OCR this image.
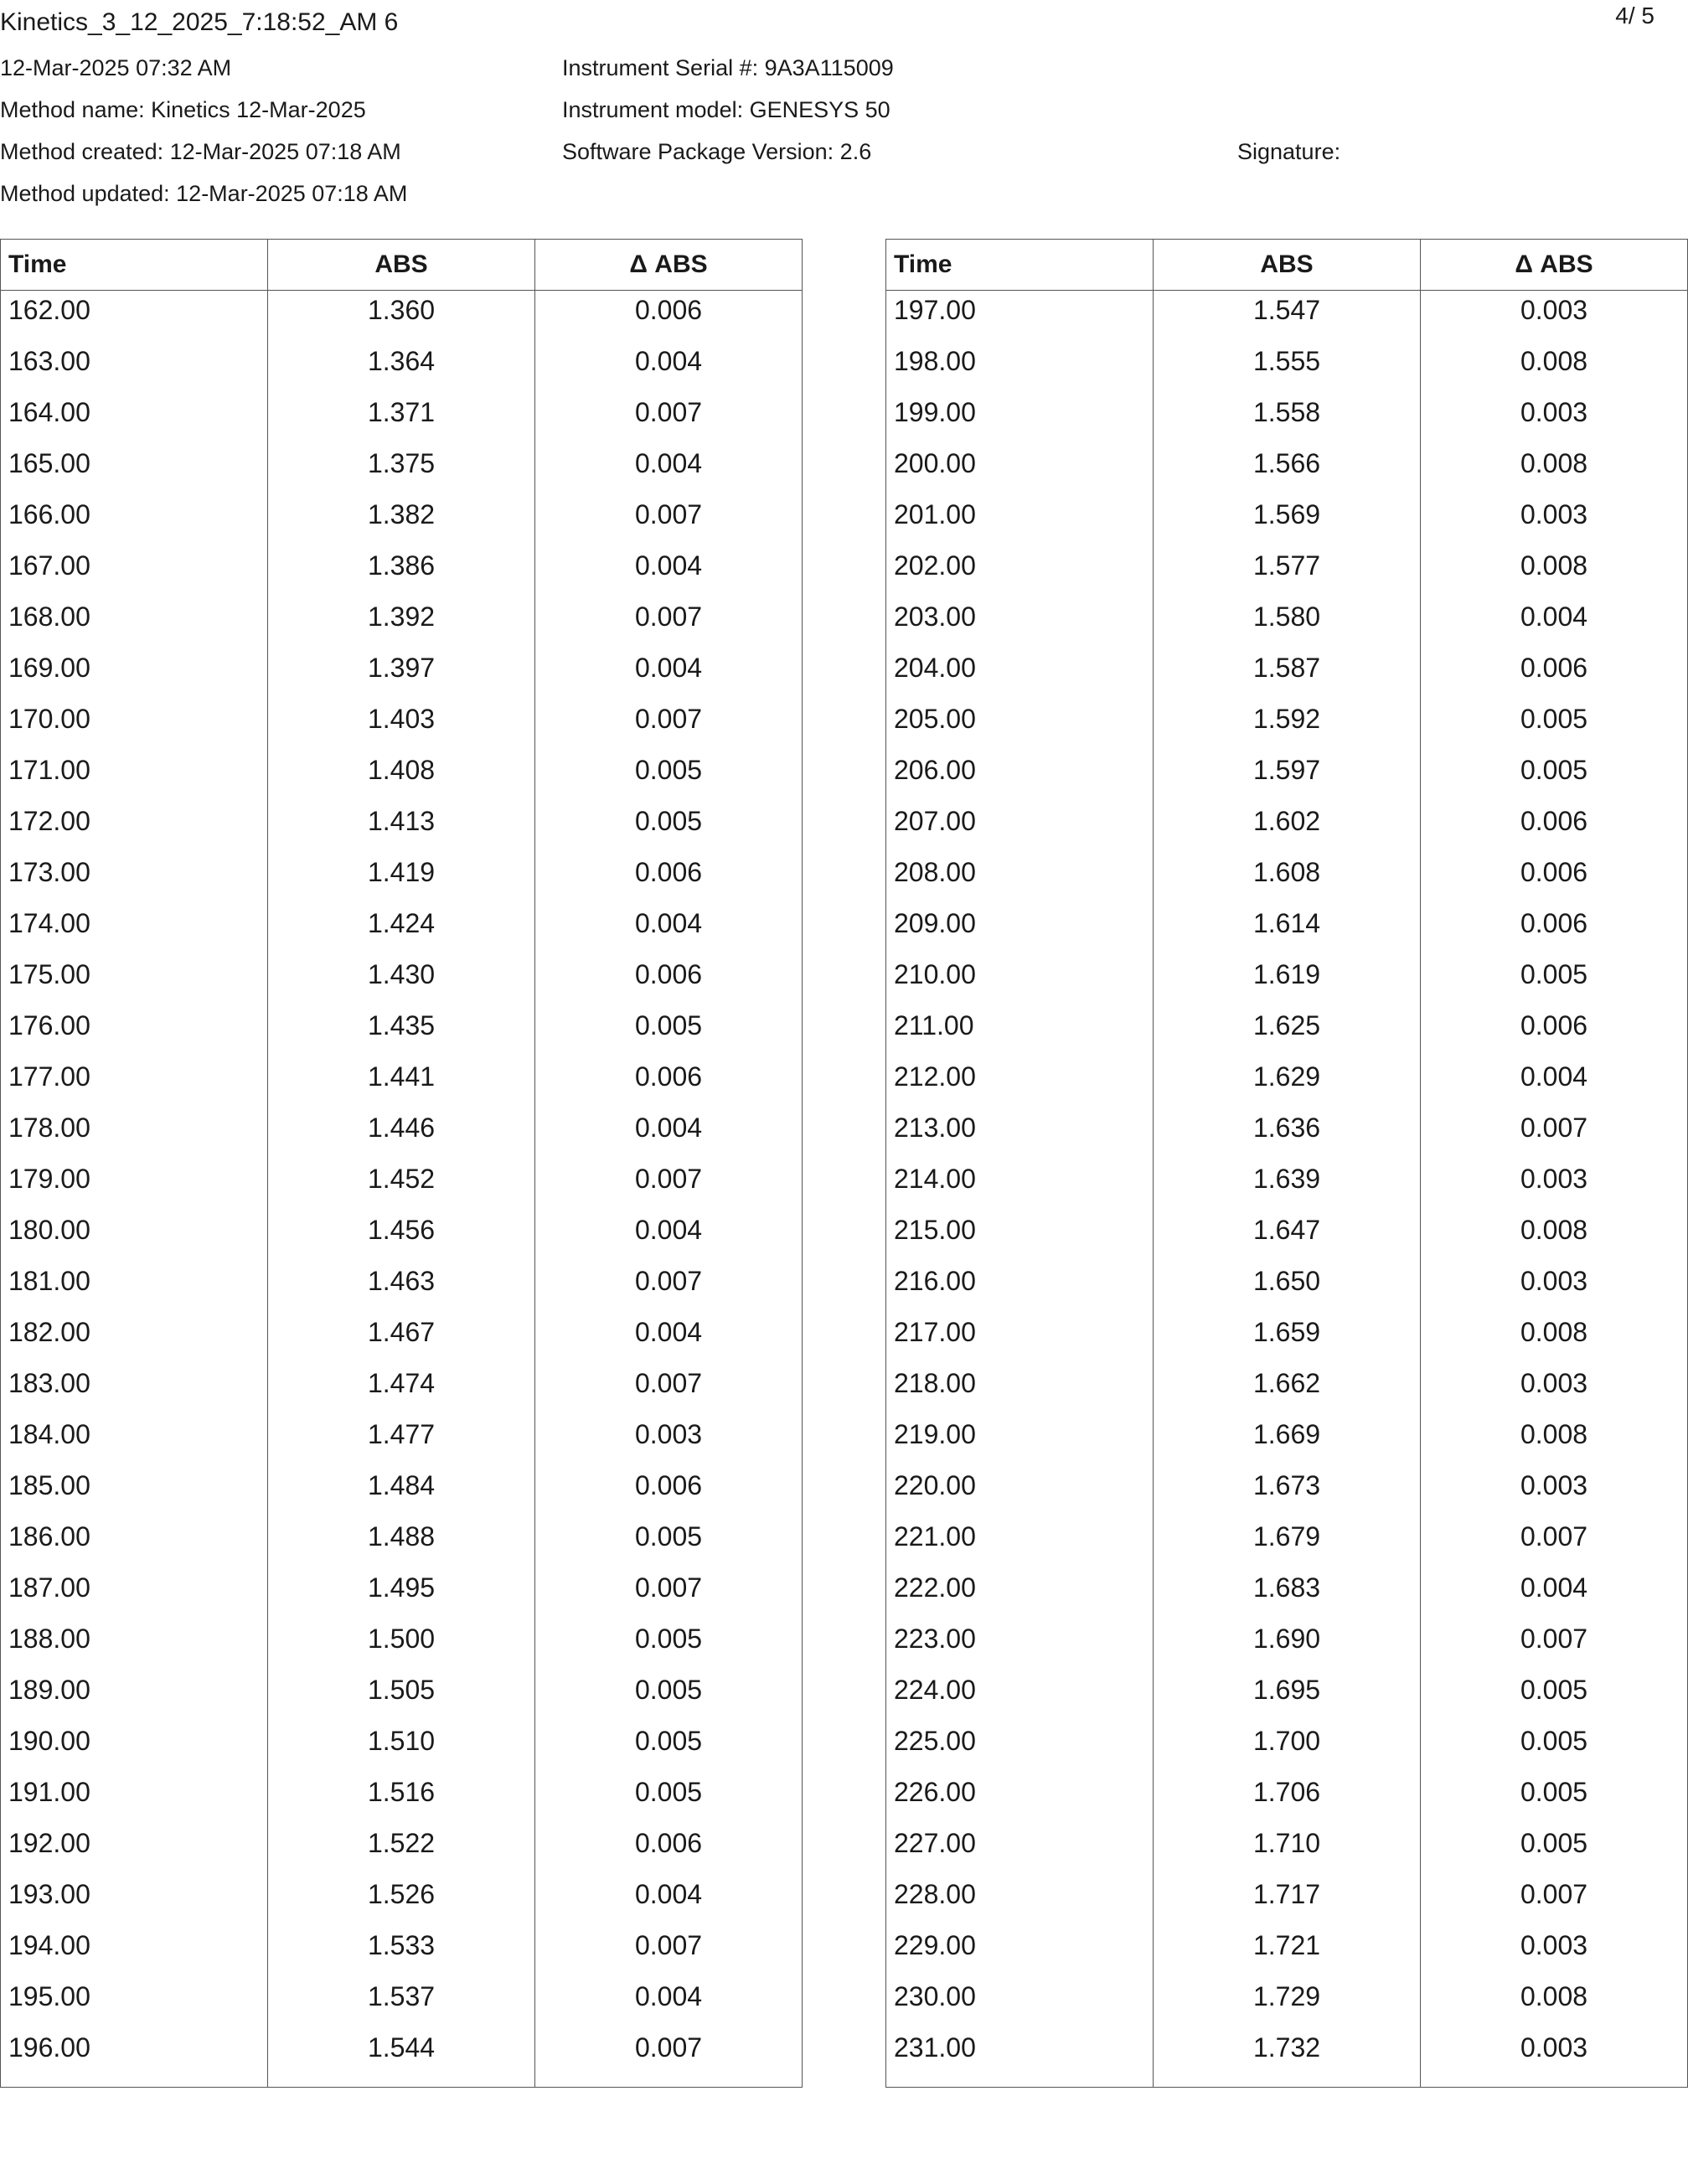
Kinetics_3_12_2025_7:18:52_AM 6	4/ 5
12-Mar-2025 07:32 AM
Method name: Kinetics 12-Mar-2025
Method created: 12-Mar-2025 07:18 AM
Method updated: 12-Mar-2025 07:18 AM
Instrument Serial #: 9A3A115009
Instrument model: GENESYS 50
Software Package Version: 2.6	Signature:
Time	ABS	Δ ABS
162.00	1.360	0.006
163.00	1.364	0.004
164.00	1.371	0.007
165.00	1.375	0.004
166.00	1.382	0.007
167.00	1.386	0.004
168.00	1.392	0.007
169.00	1.397	0.004
170.00	1.403	0.007
171.00	1.408	0.005
172.00	1.413	0.005
173.00	1.419	0.006
174.00	1.424	0.004
175.00	1.430	0.006
176.00	1.435	0.005
177.00	1.441	0.006
178.00	1.446	0.004
179.00	1.452	0.007
180.00	1.456	0.004
181.00	1.463	0.007
182.00	1.467	0.004
183.00	1.474	0.007
184.00	1.477	0.003
185.00	1.484	0.006
186.00	1.488	0.005
187.00	1.495	0.007
188.00	1.500	0.005
189.00	1.505	0.005
190.00	1.510	0.005
191.00	1.516	0.005
192.00	1.522	0.006
193.00	1.526	0.004
194.00	1.533	0.007
195.00	1.537	0.004
196.00	1.544	0.007
Time	ABS	Δ ABS
197.00	1.547	0.003
198.00	1.555	0.008
199.00	1.558	0.003
200.00	1.566	0.008
201.00	1.569	0.003
202.00	1.577	0.008
203.00	1.580	0.004
204.00	1.587	0.006
205.00	1.592	0.005
206.00	1.597	0.005
207.00	1.602	0.006
208.00	1.608	0.006
209.00	1.614	0.006
210.00	1.619	0.005
211.00	1.625	0.006
212.00	1.629	0.004
213.00	1.636	0.007
214.00	1.639	0.003
215.00	1.647	0.008
216.00	1.650	0.003
217.00	1.659	0.008
218.00	1.662	0.003
219.00	1.669	0.008
220.00	1.673	0.003
221.00	1.679	0.007
222.00	1.683	0.004
223.00	1.690	0.007
224.00	1.695	0.005
225.00	1.700	0.005
226.00	1.706	0.005
227.00	1.710	0.005
228.00	1.717	0.007
229.00	1.721	0.003
230.00	1.729	0.008
231.00	1.732	0.003
